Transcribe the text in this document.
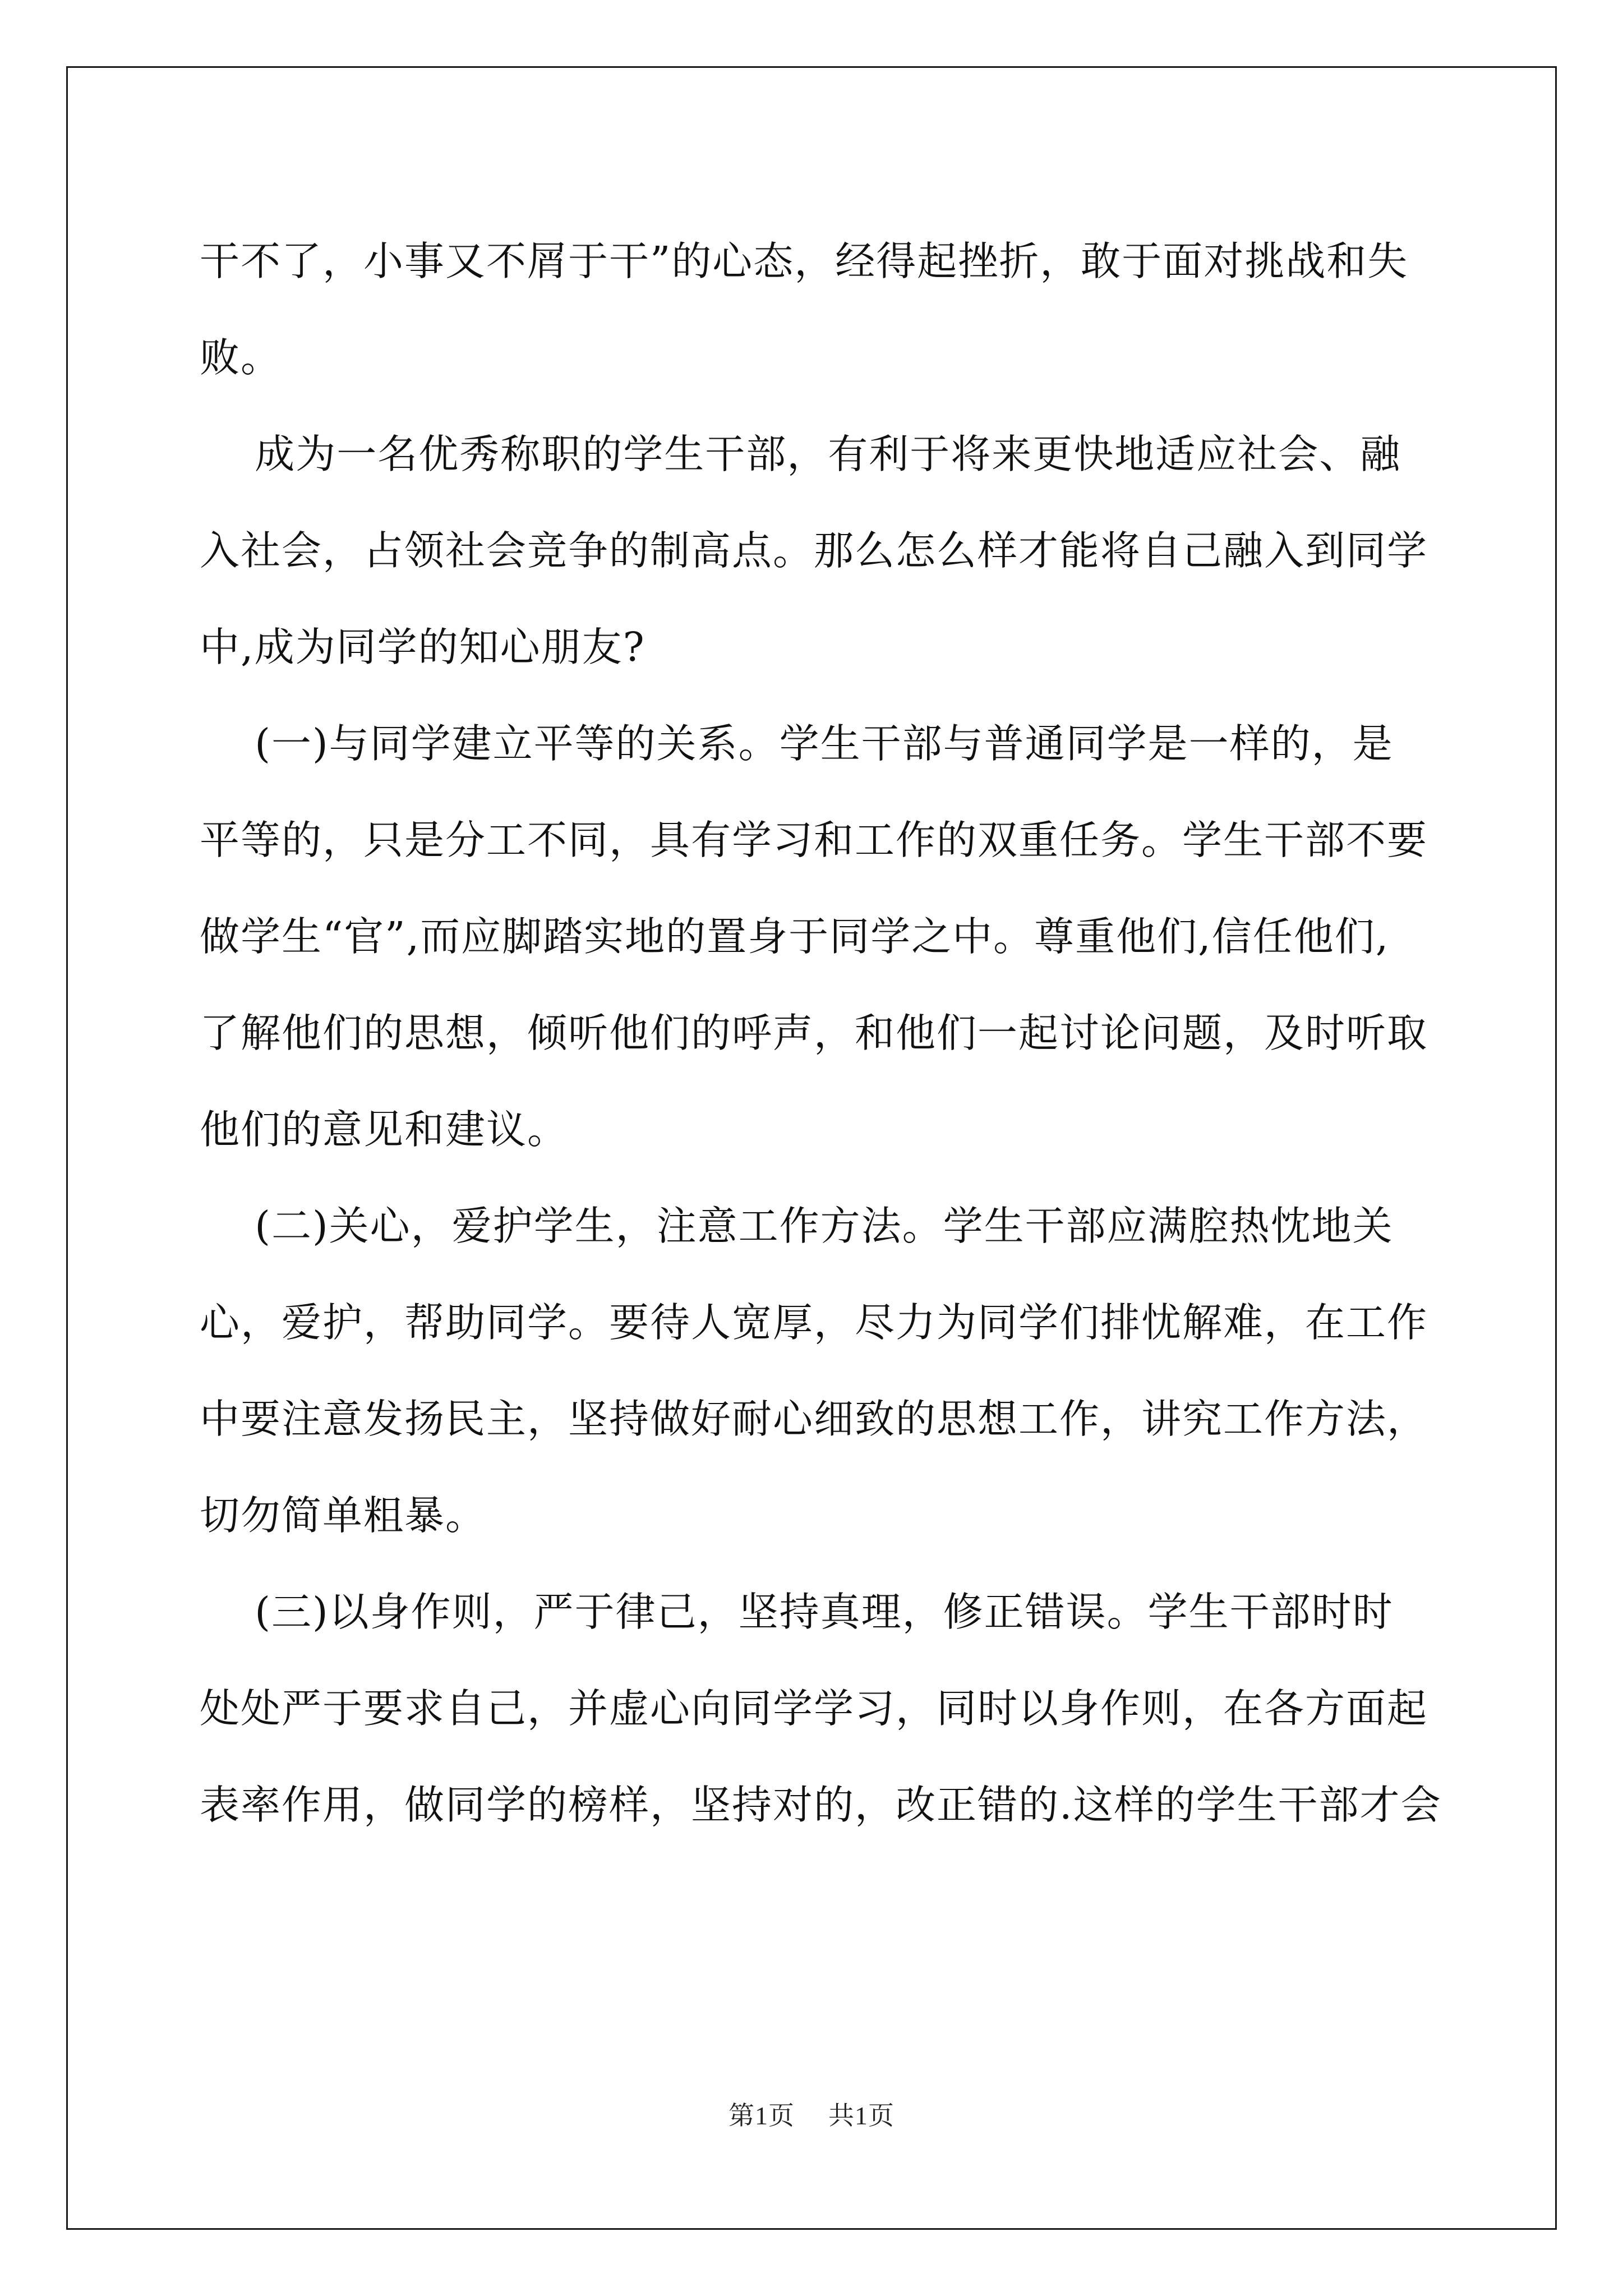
干不了，小事又不屑于干”的心态，经得起挫折，敢于面对挑战和失
败。
成为一名优秀称职的学生干部，有利于将来更快地适应社会、融
入社会，占领社会竞争的制高点。那么怎么样才能将自己融入到同学
中,成为同学的知心朋友?
(一)与同学建立平等的关系。学生干部与普通同学是一样的，是
平等的，只是分工不同，具有学习和工作的双重任务。学生干部不要
做学生“官”,而应脚踏实地的置身于同学之中。尊重他们,信任他们,
了解他们的思想，倾听他们的呼声，和他们一起讨论问题，及时听取
他们的意见和建议。
(二)关心，爱护学生，注意工作方法。学生干部应满腔热忱地关
心，爱护，帮助同学。要待人宽厚，尽力为同学们排忧解难，在工作
中要注意发扬民主，坚持做好耐心细致的思想工作，讲究工作方法，
切勿简单粗暴。
(三)以身作则，严于律己，坚持真理，修正错误。学生干部时时
处处严于要求自己，并虚心向同学学习，同时以身作则，在各方面起
表率作用，做同学的榜样，坚持对的，改正错的.这样的学生干部才会

第1页 共1页
